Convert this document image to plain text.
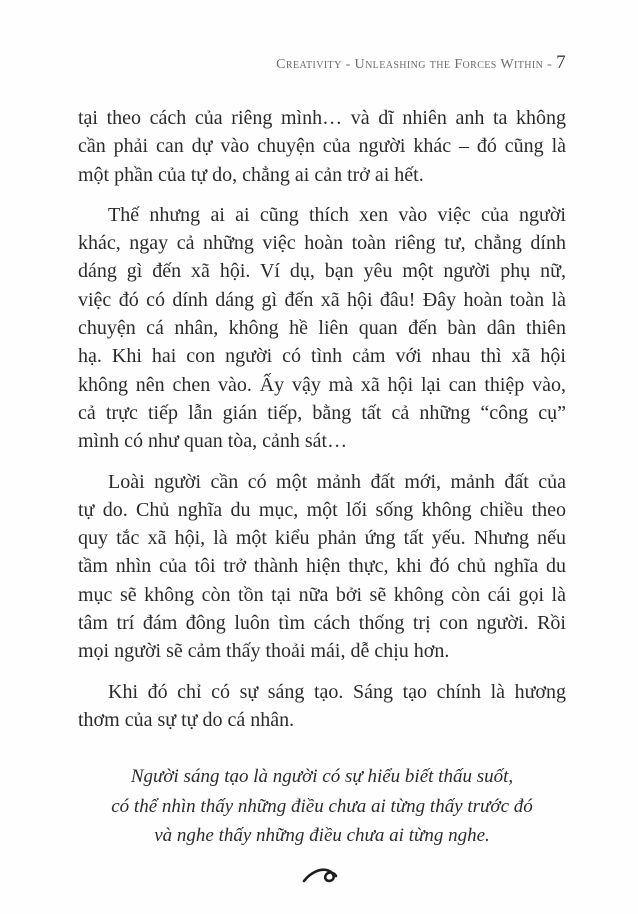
Creativity - Unleashing the Forces Within - 7
tại theo cách của riêng mình… và dĩ nhiên anh ta không
cần phải can dự vào chuyện của người khác – đó cũng là
một phần của tự do, chẳng ai cản trở ai hết.
Thế nhưng ai ai cũng thích xen vào việc của người
khác, ngay cả những việc hoàn toàn riêng tư, chẳng dính
dáng gì đến xã hội. Ví dụ, bạn yêu một người phụ nữ,
việc đó có dính dáng gì đến xã hội đâu! Đây hoàn toàn là
chuyện cá nhân, không hề liên quan đến bàn dân thiên
hạ. Khi hai con người có tình cảm với nhau thì xã hội
không nên chen vào. Ấy vậy mà xã hội lại can thiệp vào,
cả trực tiếp lẫn gián tiếp, bằng tất cả những “công cụ”
mình có như quan tòa, cảnh sát…
Loài người cần có một mảnh đất mới, mảnh đất của
tự do. Chủ nghĩa du mục, một lối sống không chiều theo
quy tắc xã hội, là một kiểu phản ứng tất yếu. Nhưng nếu
tầm nhìn của tôi trở thành hiện thực, khi đó chủ nghĩa du
mục sẽ không còn tồn tại nữa bởi sẽ không còn cái gọi là
tâm trí đám đông luôn tìm cách thống trị con người. Rồi
mọi người sẽ cảm thấy thoải mái, dễ chịu hơn.
Khi đó chỉ có sự sáng tạo. Sáng tạo chính là hương
thơm của sự tự do cá nhân.
Người sáng tạo là người có sự hiểu biết thấu suốt,
có thể nhìn thấy những điều chưa ai từng thấy trước đó
và nghe thấy những điều chưa ai từng nghe.
